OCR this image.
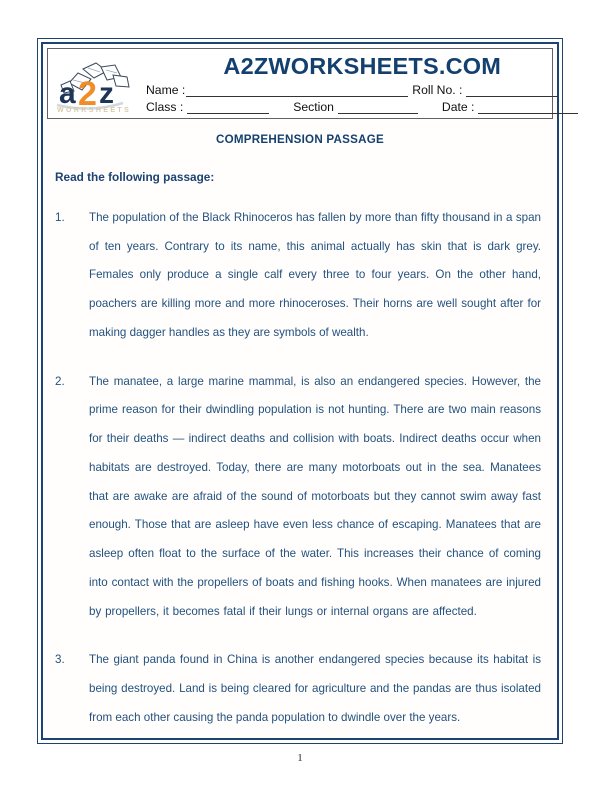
a 2 z
WORKSHEETS
A2ZWORKSHEETS.COM
Name :	Roll No. :
Class :	Section	Date :
COMPREHENSION PASSAGE
Read the following passage:
1.	The population of the Black Rhinoceros has fallen by more than fifty thousand in a span of ten years. Contrary to its name, this animal actually has skin that is dark grey. Females only produce a single calf every three to four years. On the other hand, poachers are killing more and more rhinoceroses. Their horns are well sought after for making dagger handles as they are symbols of wealth.
2.	The manatee, a large marine mammal, is also an endangered species. However, the prime reason for their dwindling population is not hunting. There are two main reasons for their deaths — indirect deaths and collision with boats. Indirect deaths occur when habitats are destroyed. Today, there are many motorboats out in the sea. Manatees that are awake are afraid of the sound of motorboats but they cannot swim away fast enough. Those that are asleep have even less chance of escaping. Manatees that are asleep often float to the surface of the water. This increases their chance of coming into contact with the propellers of boats and fishing hooks. When manatees are injured by propellers, it becomes fatal if their lungs or internal organs are affected.
3.	The giant panda found in China is another endangered species because its habitat is being destroyed. Land is being cleared for agriculture and the pandas are thus isolated from each other causing the panda population to dwindle over the years.
1
